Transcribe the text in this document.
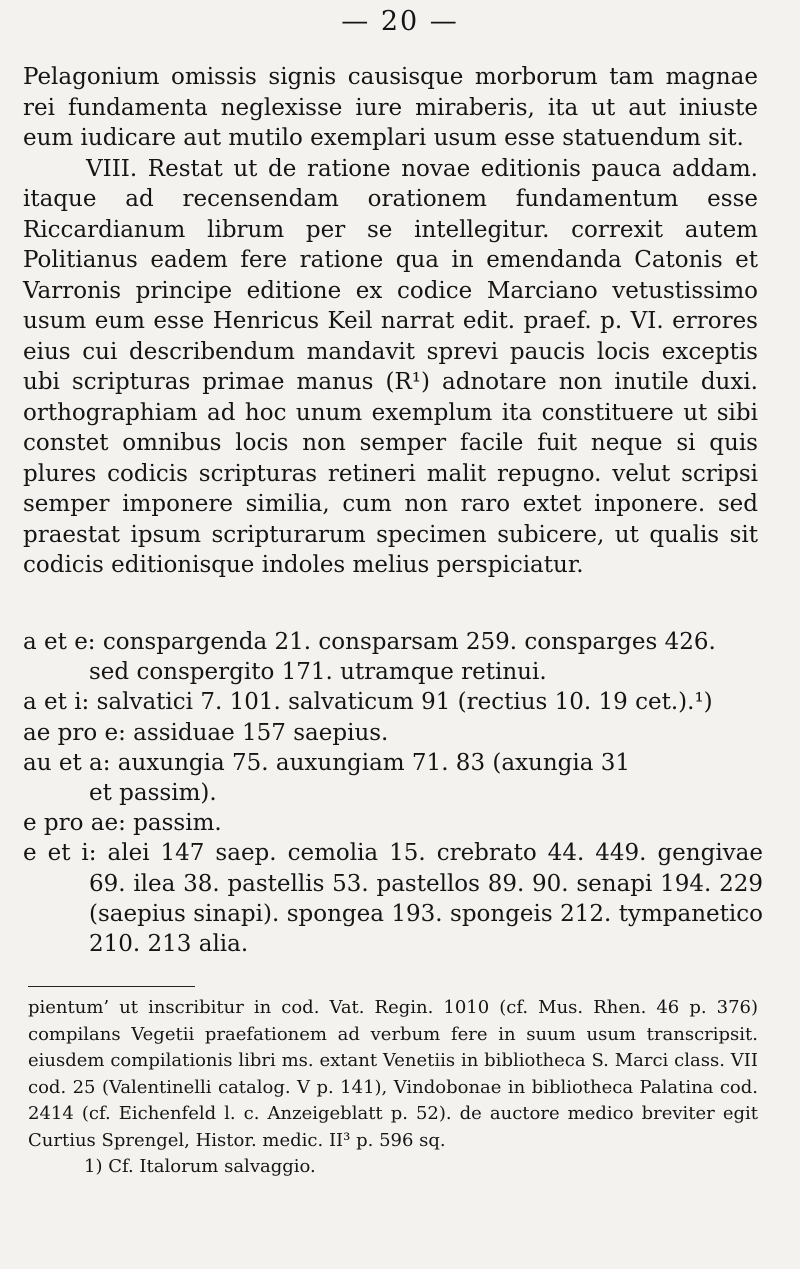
— 20 —

Pelagonium omissis signis causisque morborum tam magnae rei fundamenta neglexisse iure miraberis, ita ut aut iniuste eum iudicare aut mutilo exemplari usum esse statuendum sit.

VIII. Restat ut de ratione novae editionis pauca addam. itaque ad recensendam orationem fundamentum esse Riccardianum librum per se intellegitur. correxit autem Politianus eadem fere ratione qua in emendanda Catonis et Varronis principe editione ex codice Marciano vetustissimo usum eum esse Henricus Keil narrat edit. praef. p. VI. errores eius cui describendum mandavit sprevi paucis locis exceptis ubi scripturas primae manus (R¹) adnotare non inutile duxi. orthographiam ad hoc unum exemplum ita constituere ut sibi constet omnibus locis non semper facile fuit neque si quis plures codicis scripturas retineri malit repugno. velut scripsi semper imponere similia, cum non raro extet inponere. sed praestat ipsum scripturarum specimen subicere, ut qualis sit codicis editionisque indoles melius perspiciatur.

a et e: conspargenda 21. consparsam 259. consparges 426.

sed conspergito 171. utramque retinui.

a et i: salvatici 7. 101. salvaticum 91 (rectius 10. 19 cet.).¹)

ae pro e: assiduae 157 saepius.

au et a: auxungia 75. auxungiam 71. 83 (axungia 31

et passim).

e pro ae: passim.

e et i: alei 147 saep. cemolia 15. crebrato 44. 449. gengivae 69. ilea 38. pastellis 53. pastellos 89. 90. senapi 194. 229 (saepius sinapi). spongea 193. spongeis 212. tympanetico 210. 213 alia.

pientum’ ut inscribitur in cod. Vat. Regin. 1010 (cf. Mus. Rhen. 46 p. 376) compilans Vegetii praefationem ad verbum fere in suum usum transcripsit. eiusdem compilationis libri ms. extant Venetiis in bibliotheca S. Marci class. VII cod. 25 (Valentinelli catalog. V p. 141), Vindobonae in bibliotheca Palatina cod. 2414 (cf. Eichenfeld l. c. Anzeigeblatt p. 52). de auctore medico breviter egit Curtius Sprengel, Histor. medic. II³ p. 596 sq.

1) Cf. Italorum salvaggio.
